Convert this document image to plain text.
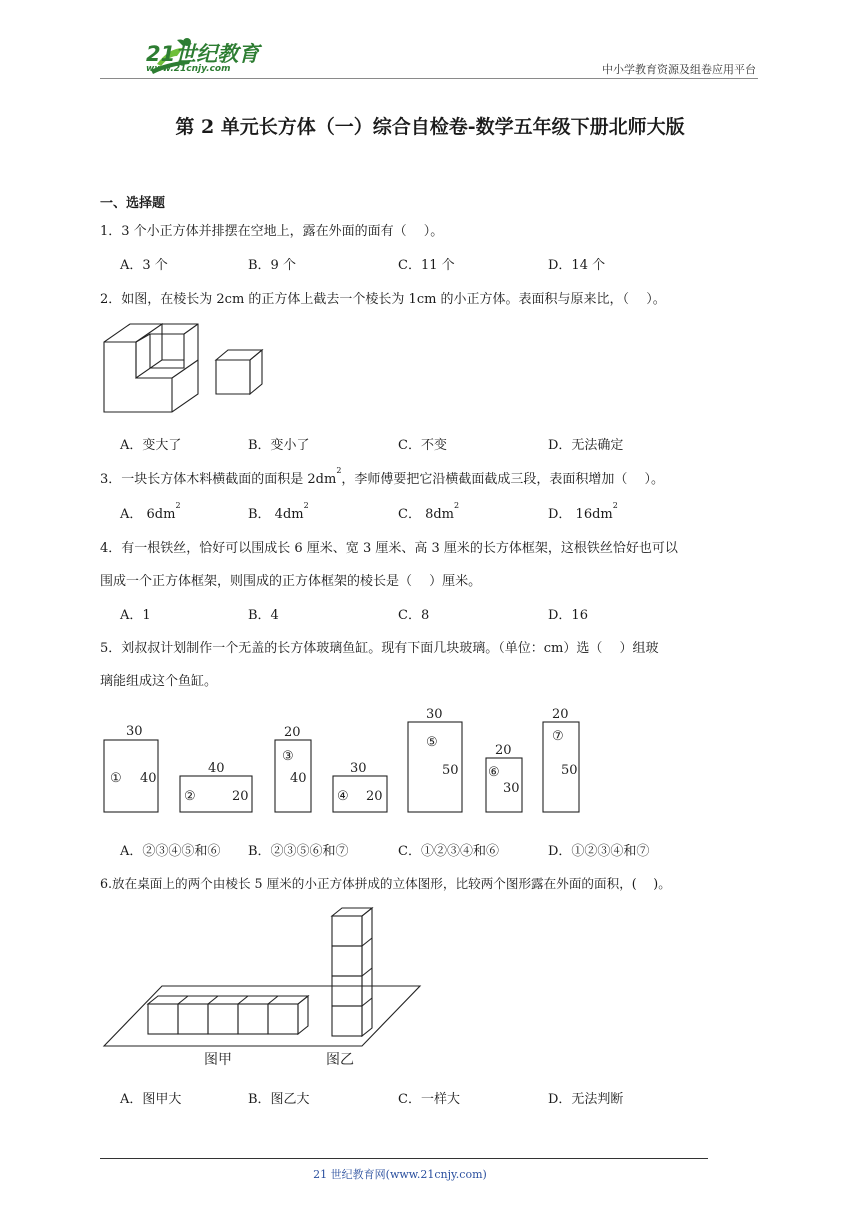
21世纪教育
www.21cnjy.com	中小学教育资源及组卷应用平台
第 2 单元长方体（一）综合自检卷-数学五年级下册北师大版
一、选择题
1．3 个小正方体并排摆在空地上，露在外面的面有（　 ）。
A．3 个	B．9 个	C．11 个	D．14 个
2．如图，在棱长为 2cm 的正方体上截去一个棱长为 1cm 的小正方体。表面积与原来比，（　 ）。
A．变大了	B．变小了	C．不变	D．无法确定
3．一块长方体木料横截面的面积是 $2dm^2$，李师傅要把它沿横截面截成三段，表面积增加（　 ）。
A． $6dm^2$
B． $4dm^2$
C． $8dm^2$
D． $16dm^2$
4．有一根铁丝，恰好可以围成长 6 厘米、宽 3 厘米、高 3 厘米的长方体框架，这根铁丝恰好也可以
围成一个正方体框架，则围成的正方体框架的棱长是（　 ）厘米。
A．1	B．4	C．8	D．16
5．刘叔叔计划制作一个无盖的长方体玻璃鱼缸。现有下面几块玻璃。（单位：cm）选（　 ）组玻
璃能组成这个鱼缸。
30
① 40
40
②	20
20
③
40
30
④ 20
30
⑤
50
20
⑥
30
20
⑦
50
A．②③④⑤和⑥ B．②③⑤⑥和⑦	C．①②③④和⑥	D．①②③④和⑦
6.放在桌面上的两个由棱长 5 厘米的小正方体拼成的立体图形，比较两个图形露在外面的面积，(　 )。
图甲	图乙
A．图甲大	B．图乙大	C．一样大	D．无法判断
21 世纪教育网(www.21cnjy.com)
